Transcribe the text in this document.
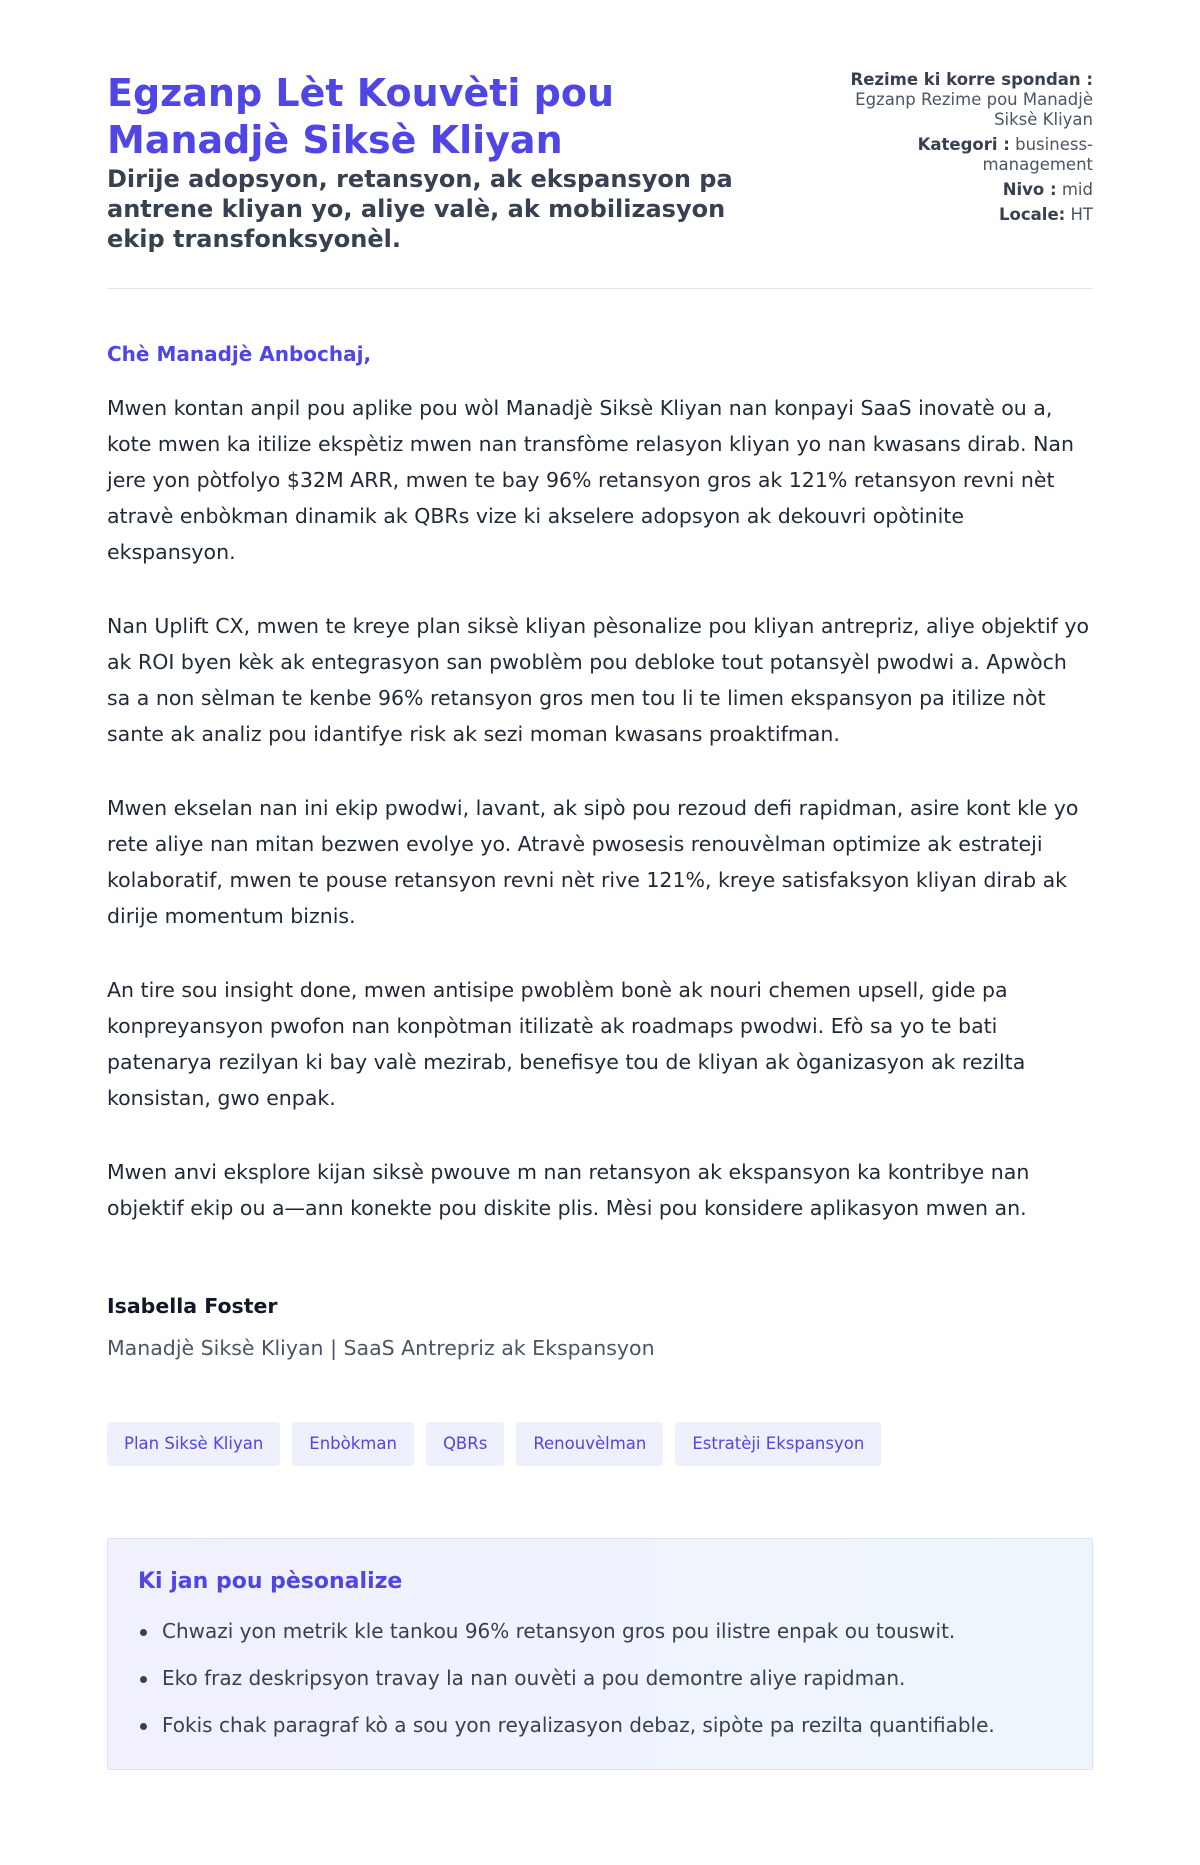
Egzanp Lèt Kouvèti pou Manadjè Siksè Kliyan
Dirije adopsyon, retansyon, ak ekspansyon pa antrene kliyan yo, aliye valè, ak mobilizasyon ekip transfonksyonèl.
Rezime ki korre spondan :
Egzanp Rezime pou Manadjè Siksè Kliyan
Kategori : business-management
Nivo : mid
Locale: HT
Chè Manadjè Anbochaj,

Mwen kontan anpil pou aplike pou wòl Manadjè Siksè Kliyan nan konpayi SaaS inovatè ou a, kote mwen ka itilize ekspètiz mwen nan transfòme relasyon kliyan yo nan kwasans dirab. Nan jere yon pòtfolyo $32M ARR, mwen te bay 96% retansyon gros ak 121% retansyon revni nèt atravè enbòkman dinamik ak QBRs vize ki akselere adopsyon ak dekouvri opòtinite ekspansyon.

Nan Uplift CX, mwen te kreye plan siksè kliyan pèsonalize pou kliyan antrepriz, aliye objektif yo ak ROI byen kèk ak entegrasyon san pwoblèm pou debloke tout potansyèl pwodwi a. Apwòch sa a non sèlman te kenbe 96% retansyon gros men tou li te limen ekspansyon pa itilize nòt sante ak analiz pou idantifye risk ak sezi moman kwasans proaktifman.

Mwen ekselan nan ini ekip pwodwi, lavant, ak sipò pou rezoud defi rapidman, asire kont kle yo rete aliye nan mitan bezwen evolye yo. Atravè pwosesis renouvèlman optimize ak estrateji kolaboratif, mwen te pouse retansyon revni nèt rive 121%, kreye satisfaksyon kliyan dirab ak dirije momentum biznis.

An tire sou insight done, mwen antisipe pwoblèm bonè ak nouri chemen upsell, gide pa konpreyansyon pwofon nan konpòtman itilizatè ak roadmaps pwodwi. Efò sa yo te bati patenarya rezilyan ki bay valè mezirab, benefisye tou de kliyan ak òganizasyon ak rezilta konsistan, gwo enpak.

Mwen anvi eksplore kijan siksè pwouve m nan retansyon ak ekspansyon ka kontribye nan objektif ekip ou a—ann konekte pou diskite plis. Mèsi pou konsidere aplikasyon mwen an.

Isabella Foster
Manadjè Siksè Kliyan | SaaS Antrepriz ak Ekspansyon
Plan Siksè Kliyan	Enbòkman	QBRs	Renouvèlman	Estratèji Ekspansyon
Ki jan pou pèsonalize
Chwazi yon metrik kle tankou 96% retansyon gros pou ilistre enpak ou touswit.
Eko fraz deskripsyon travay la nan ouvèti a pou demontre aliye rapidman.
Fokis chak paragraf kò a sou yon reyalizasyon debaz, sipòte pa rezilta quantifiable.
